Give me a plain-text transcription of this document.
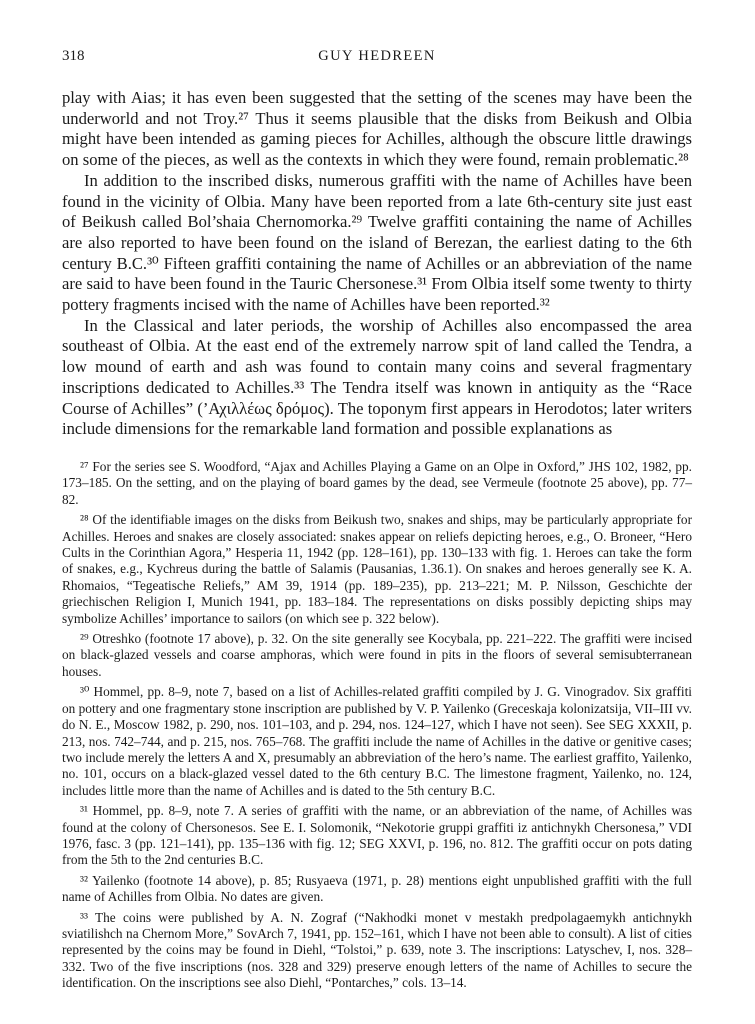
318	GUY HEDREEN

play with Aias; it has even been suggested that the setting of the scenes may have been the underworld and not Troy.²⁷ Thus it seems plausible that the disks from Beikush and Olbia might have been intended as gaming pieces for Achilles, although the obscure little drawings on some of the pieces, as well as the contexts in which they were found, remain problematic.²⁸

In addition to the inscribed disks, numerous graffiti with the name of Achilles have been found in the vicinity of Olbia. Many have been reported from a late 6th-century site just east of Beikush called Bol’shaia Chernomorka.²⁹ Twelve graffiti containing the name of Achilles are also reported to have been found on the island of Berezan, the earliest dating to the 6th century B.C.³⁰ Fifteen graffiti containing the name of Achilles or an abbreviation of the name are said to have been found in the Tauric Chersonese.³¹ From Olbia itself some twenty to thirty pottery fragments incised with the name of Achilles have been reported.³²

In the Classical and later periods, the worship of Achilles also encompassed the area southeast of Olbia. At the east end of the extremely narrow spit of land called the Tendra, a low mound of earth and ash was found to contain many coins and several fragmentary inscriptions dedicated to Achilles.³³ The Tendra itself was known in antiquity as the “Race Course of Achilles” (’Αχιλλέως δρόμος). The toponym first appears in Herodotos; later writers include dimensions for the remarkable land formation and possible explanations as

²⁷ For the series see S. Woodford, “Ajax and Achilles Playing a Game on an Olpe in Oxford,” JHS 102, 1982, pp. 173–185. On the setting, and on the playing of board games by the dead, see Vermeule (footnote 25 above), pp. 77–82.

²⁸ Of the identifiable images on the disks from Beikush two, snakes and ships, may be particularly appropriate for Achilles. Heroes and snakes are closely associated: snakes appear on reliefs depicting heroes, e.g., O. Broneer, “Hero Cults in the Corinthian Agora,” Hesperia 11, 1942 (pp. 128–161), pp. 130–133 with fig. 1. Heroes can take the form of snakes, e.g., Kychreus during the battle of Salamis (Pausanias, 1.36.1). On snakes and heroes generally see K. A. Rhomaios, “Tegeatische Reliefs,” AM 39, 1914 (pp. 189–235), pp. 213–221; M. P. Nilsson, Geschichte der griechischen Religion I, Munich 1941, pp. 183–184. The representations on disks possibly depicting ships may symbolize Achilles’ importance to sailors (on which see p. 322 below).

²⁹ Otreshko (footnote 17 above), p. 32. On the site generally see Kocybala, pp. 221–222. The graffiti were incised on black-glazed vessels and coarse amphoras, which were found in pits in the floors of several semisubterranean houses.

³⁰ Hommel, pp. 8–9, note 7, based on a list of Achilles-related graffiti compiled by J. G. Vinogradov. Six graffiti on pottery and one fragmentary stone inscription are published by V. P. Yailenko (Greceskaja kolonizatsija, VII–III vv. do N. E., Moscow 1982, p. 290, nos. 101–103, and p. 294, nos. 124–127, which I have not seen). See SEG XXXII, p. 213, nos. 742–744, and p. 215, nos. 765–768. The graffiti include the name of Achilles in the dative or genitive cases; two include merely the letters A and X, presumably an abbreviation of the hero’s name. The earliest graffito, Yailenko, no. 101, occurs on a black-glazed vessel dated to the 6th century B.C. The limestone fragment, Yailenko, no. 124, includes little more than the name of Achilles and is dated to the 5th century B.C.

³¹ Hommel, pp. 8–9, note 7. A series of graffiti with the name, or an abbreviation of the name, of Achilles was found at the colony of Chersonesos. See E. I. Solomonik, “Nekotorie gruppi graffiti iz antichnykh Chersonesa,” VDI 1976, fasc. 3 (pp. 121–141), pp. 135–136 with fig. 12; SEG XXVI, p. 196, no. 812. The graffiti occur on pots dating from the 5th to the 2nd centuries B.C.

³² Yailenko (footnote 14 above), p. 85; Rusyaeva (1971, p. 28) mentions eight unpublished graffiti with the full name of Achilles from Olbia. No dates are given.

³³ The coins were published by A. N. Zograf (“Nakhodki monet v mestakh predpolagaemykh antichnykh sviatilishch na Chernom More,” SovArch 7, 1941, pp. 152–161, which I have not been able to consult). A list of cities represented by the coins may be found in Diehl, “Tolstoi,” p. 639, note 3. The inscriptions: Latyschev, I, nos. 328–332. Two of the five inscriptions (nos. 328 and 329) preserve enough letters of the name of Achilles to secure the identification. On the inscriptions see also Diehl, “Pontarches,” cols. 13–14.
